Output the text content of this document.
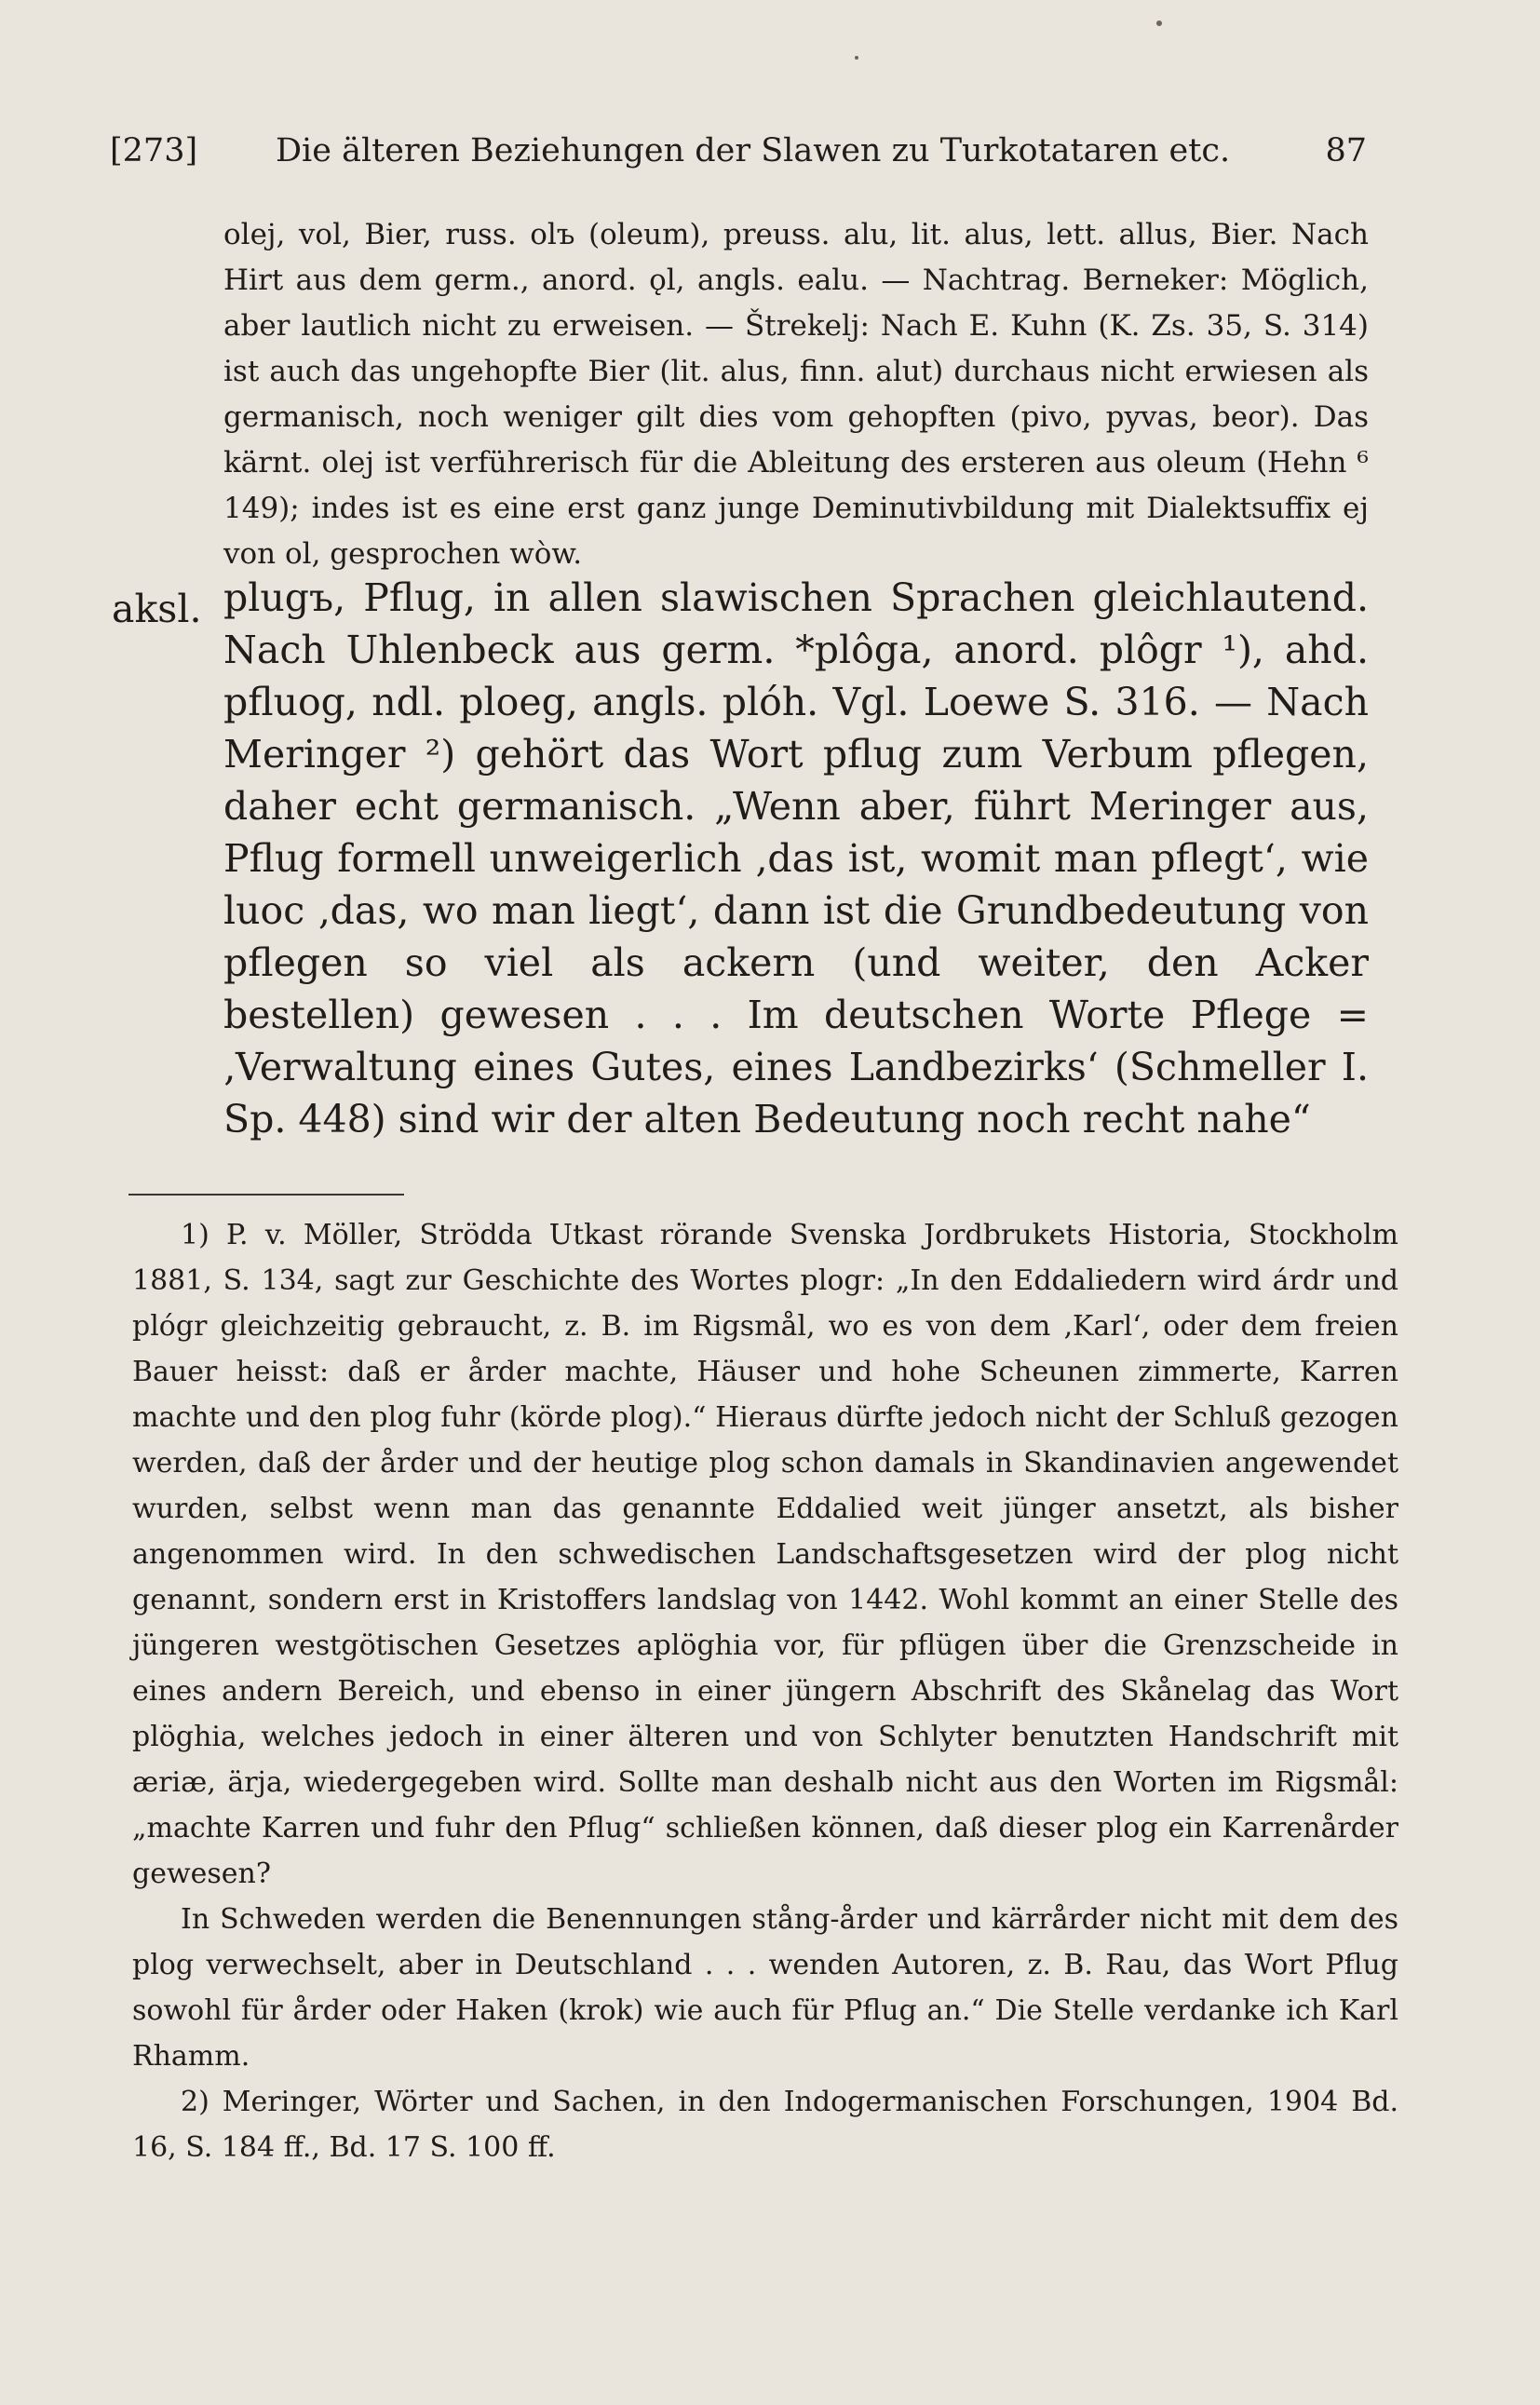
[273] Die älteren Beziehungen der Slawen zu Turkotataren etc.	87

olej, vol, Bier, russ. olъ (oleum), preuss. alu, lit. alus, lett. allus, Bier. Nach Hirt aus dem germ., anord. ǫl, angls. ealu. — Nachtrag. Berneker: Möglich, aber lautlich nicht zu erweisen. — Štrekelj: Nach E. Kuhn (K. Zs. 35, S. 314) ist auch das ungehopfte Bier (lit. alus, finn. alut) durchaus nicht erwiesen als germanisch, noch weniger gilt dies vom gehopften (pivo, pyvas, beor). Das kärnt. olej ist verführerisch für die Ableitung des ersteren aus oleum (Hehn ⁶ 149); indes ist es eine erst ganz junge Deminutivbildung mit Dialektsuffix ej von ol, gesprochen wòw.

aksl. plugъ, Pflug, in allen slawischen Sprachen gleichlautend. Nach Uhlenbeck aus germ. *plôga, anord. plôgr ¹), ahd. pfluog, ndl. ploeg, angls. plóh. Vgl. Loewe S. 316. — Nach Meringer ²) gehört das Wort pflug zum Verbum pflegen, daher echt germanisch. „Wenn aber, führt Meringer aus, Pflug formell unweigerlich ‚das ist, womit man pflegt‘, wie luoc ‚das, wo man liegt‘, dann ist die Grundbedeutung von pflegen so viel als ackern (und weiter, den Acker bestellen) gewesen . . . Im deutschen Worte Pflege = ‚Verwaltung eines Gutes, eines Landbezirks‘ (Schmeller I. Sp. 448) sind wir der alten Bedeutung noch recht nahe“

1) P. v. Möller, Strödda Utkast rörande Svenska Jordbrukets Historia, Stockholm 1881, S. 134, sagt zur Geschichte des Wortes plogr: „In den Eddaliedern wird árdr und plógr gleichzeitig gebraucht, z. B. im Rigsmål, wo es von dem ‚Karl‘, oder dem freien Bauer heisst: daß er årder machte, Häuser und hohe Scheunen zimmerte, Karren machte und den plog fuhr (körde plog).“ Hieraus dürfte jedoch nicht der Schluß gezogen werden, daß der årder und der heutige plog schon damals in Skandinavien angewendet wurden, selbst wenn man das genannte Eddalied weit jünger ansetzt, als bisher angenommen wird. In den schwedischen Landschaftsgesetzen wird der plog nicht genannt, sondern erst in Kristoffers landslag von 1442. Wohl kommt an einer Stelle des jüngeren westgötischen Gesetzes aplöghia vor, für pflügen über die Grenzscheide in eines andern Bereich, und ebenso in einer jüngern Abschrift des Skånelag das Wort plöghia, welches jedoch in einer älteren und von Schlyter benutzten Handschrift mit æriæ, ärja, wiedergegeben wird. Sollte man deshalb nicht aus den Worten im Rigsmål: „machte Karren und fuhr den Pflug“ schließen können, daß dieser plog ein Karrenårder gewesen?

In Schweden werden die Benennungen stång-årder und kärrårder nicht mit dem des plog verwechselt, aber in Deutschland . . . wenden Autoren, z. B. Rau, das Wort Pflug sowohl für årder oder Haken (krok) wie auch für Pflug an.“ Die Stelle verdanke ich Karl Rhamm.

2) Meringer, Wörter und Sachen, in den Indogermanischen Forschungen, 1904 Bd. 16, S. 184 ff., Bd. 17 S. 100 ff.
